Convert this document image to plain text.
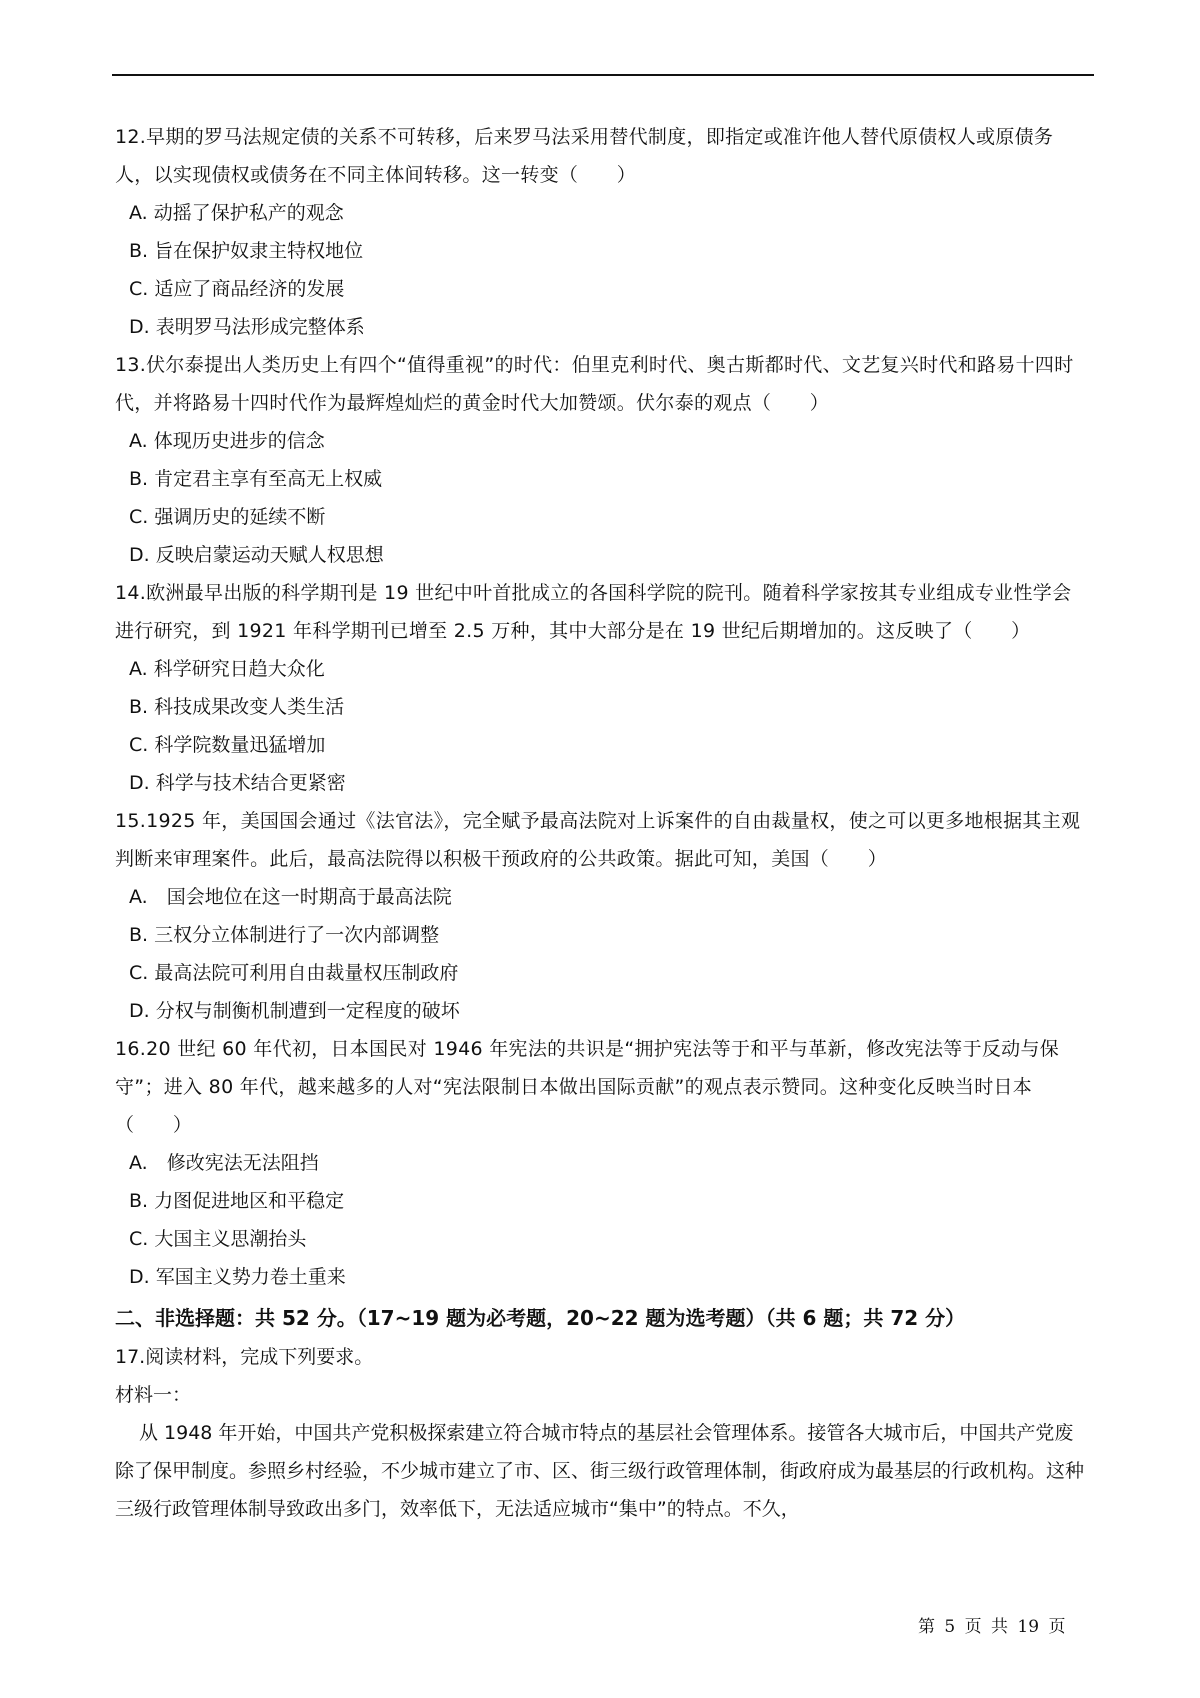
12.早期的罗马法规定债的关系不可转移，后来罗马法采用替代制度，即指定或准许他人替代原债权人或原债务人，以实现债权或债务在不同主体间转移。这一转变（　　）
A. 动摇了保护私产的观念
B. 旨在保护奴隶主特权地位
C. 适应了商品经济的发展
D. 表明罗马法形成完整体系
13.伏尔泰提出人类历史上有四个“值得重视”的时代：伯里克利时代、奥古斯都时代、文艺复兴时代和路易十四时代，并将路易十四时代作为最辉煌灿烂的黄金时代大加赞颂。伏尔泰的观点（　　）
A. 体现历史进步的信念
B. 肯定君主享有至高无上权威
C. 强调历史的延续不断
D. 反映启蒙运动天赋人权思想
14.欧洲最早出版的科学期刊是 19 世纪中叶首批成立的各国科学院的院刊。随着科学家按其专业组成专业性学会进行研究，到 1921 年科学期刊已增至 2.5 万种，其中大部分是在 19 世纪后期增加的。这反映了（　　）
A. 科学研究日趋大众化
B. 科技成果改变人类生活
C. 科学院数量迅猛增加
D. 科学与技术结合更紧密
15.1925 年，美国国会通过《法官法》，完全赋予最高法院对上诉案件的自由裁量权，使之可以更多地根据其主观判断来审理案件。此后，最高法院得以积极干预政府的公共政策。据此可知，美国（　　）
A.　国会地位在这一时期高于最高法院
B. 三权分立体制进行了一次内部调整
C. 最高法院可利用自由裁量权压制政府
D. 分权与制衡机制遭到一定程度的破坏
16.20 世纪 60 年代初，日本国民对 1946 年宪法的共识是“拥护宪法等于和平与革新，修改宪法等于反动与保守”；进入 80 年代，越来越多的人对“宪法限制日本做出国际贡献”的观点表示赞同。这种变化反映当时日本（　　）
A.　修改宪法无法阻挡
B. 力图促进地区和平稳定
C. 大国主义思潮抬头
D. 军国主义势力卷土重来
二、非选择题：共 52 分。（17~19 题为必考题，20~22 题为选考题）（共 6 题；共 72 分）
17.阅读材料，完成下列要求。
材料一：
从 1948 年开始，中国共产党积极探索建立符合城市特点的基层社会管理体系。接管各大城市后，中国共产党废除了保甲制度。参照乡村经验，不少城市建立了市、区、街三级行政管理体制，街政府成为最基层的行政机构。这种三级行政管理体制导致政出多门，效率低下，无法适应城市“集中”的特点。不久，
第 5 页 共 19 页
